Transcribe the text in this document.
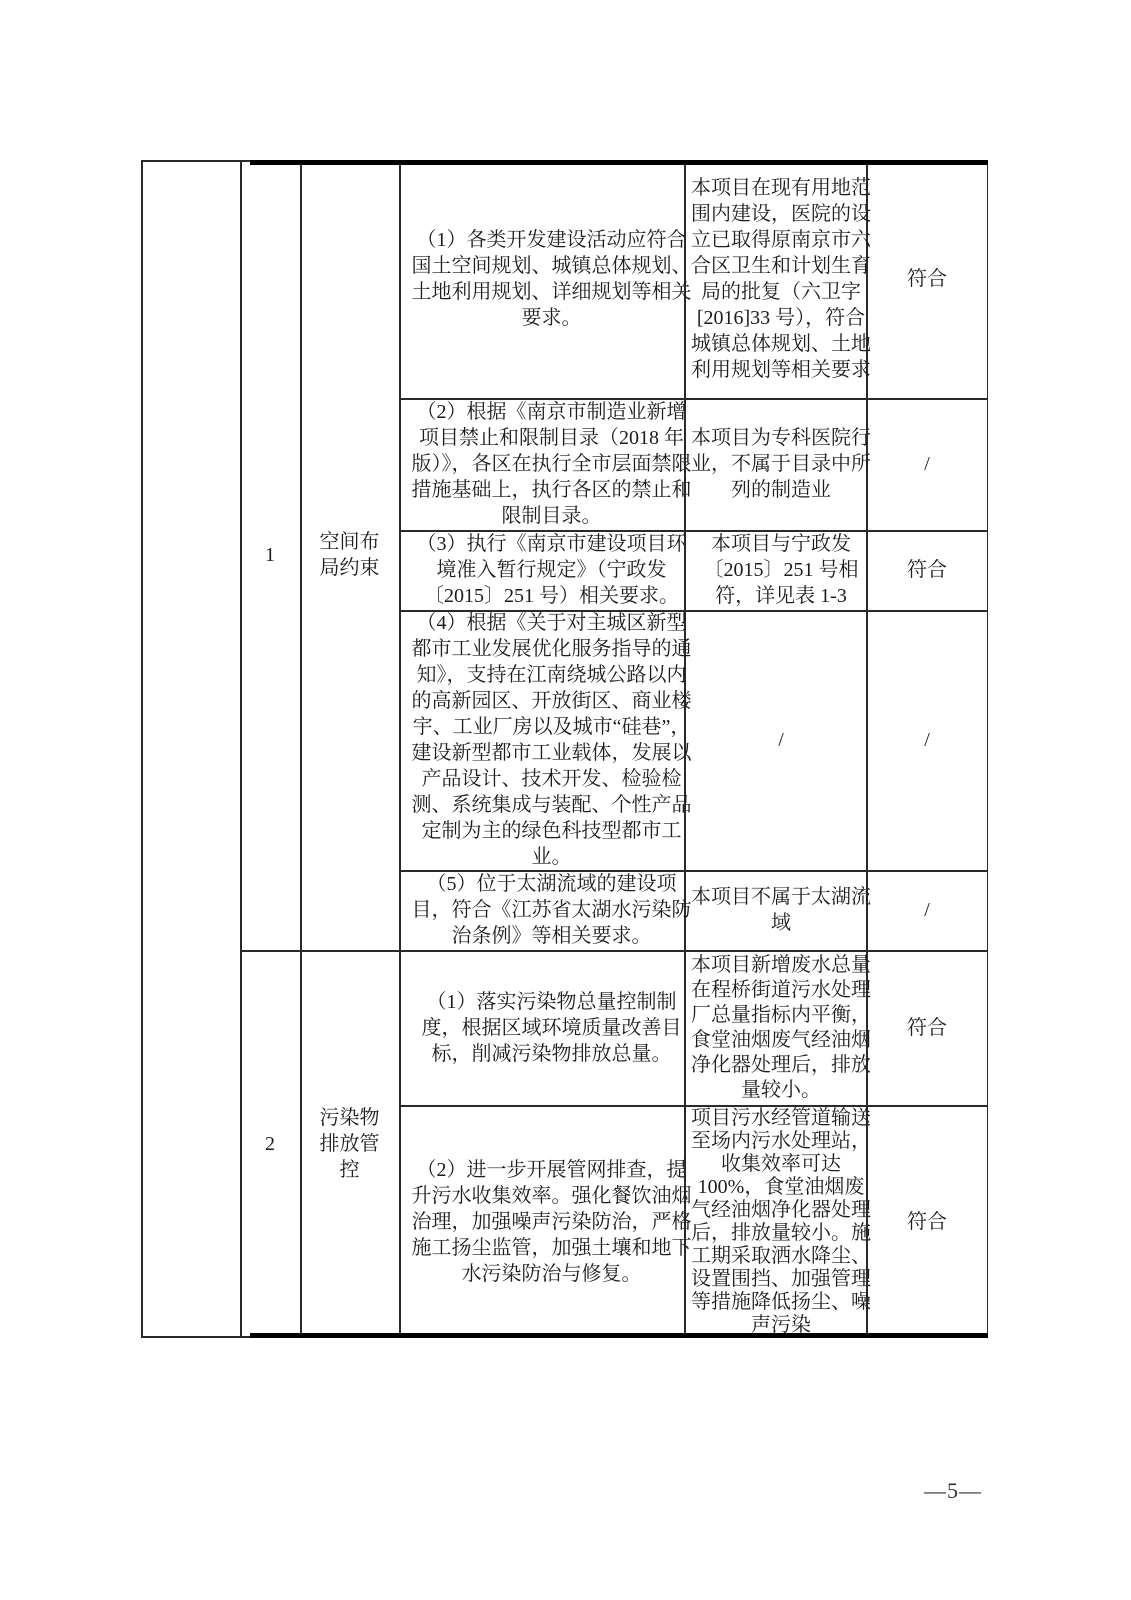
1
空间布局约束
（1）各类开发建设活动应符合国土空间规划、城镇总体规划、土地利用规划、详细规划等相关要求。
本项目在现有用地范围内建设，医院的设立已取得原南京市六合区卫生和计划生育局的批复（六卫字[2016]33 号），符合城镇总体规划、土地利用规划等相关要求
符合
（2）根据《南京市制造业新增项目禁止和限制目录（2018 年版）》，各区在执行全市层面禁限措施基础上，执行各区的禁止和限制目录。
本项目为专科医院行业，不属于目录中所列的制造业
/
（3）执行《南京市建设项目环境准入暂行规定》（宁政发〔2015〕251 号）相关要求。
本项目与宁政发〔2015〕251 号相符，详见表 1-3
符合
（4）根据《关于对主城区新型都市工业发展优化服务指导的通知》，支持在江南绕城公路以内的高新园区、开放街区、商业楼宇、工业厂房以及城市“硅巷”，建设新型都市工业载体，发展以产品设计、技术开发、检验检测、系统集成与装配、个性产品定制为主的绿色科技型都市工业。
/	/
（5）位于太湖流域的建设项目，符合《江苏省太湖水污染防治条例》等相关要求。
本项目不属于太湖流域
/
2
污染物排放管控
（1）落实污染物总量控制制度，根据区域环境质量改善目标，削减污染物排放总量。
本项目新增废水总量在程桥街道污水处理厂总量指标内平衡，食堂油烟废气经油烟净化器处理后，排放量较小。
符合
（2）进一步开展管网排查，提升污水收集效率。强化餐饮油烟治理，加强噪声污染防治，严格施工扬尘监管，加强土壤和地下水污染防治与修复。
项目污水经管道输送至场内污水处理站，收集效率可达100%，食堂油烟废气经油烟净化器处理后，排放量较小。施工期采取洒水降尘、设置围挡、加强管理等措施降低扬尘、噪声污染
符合
—5—
